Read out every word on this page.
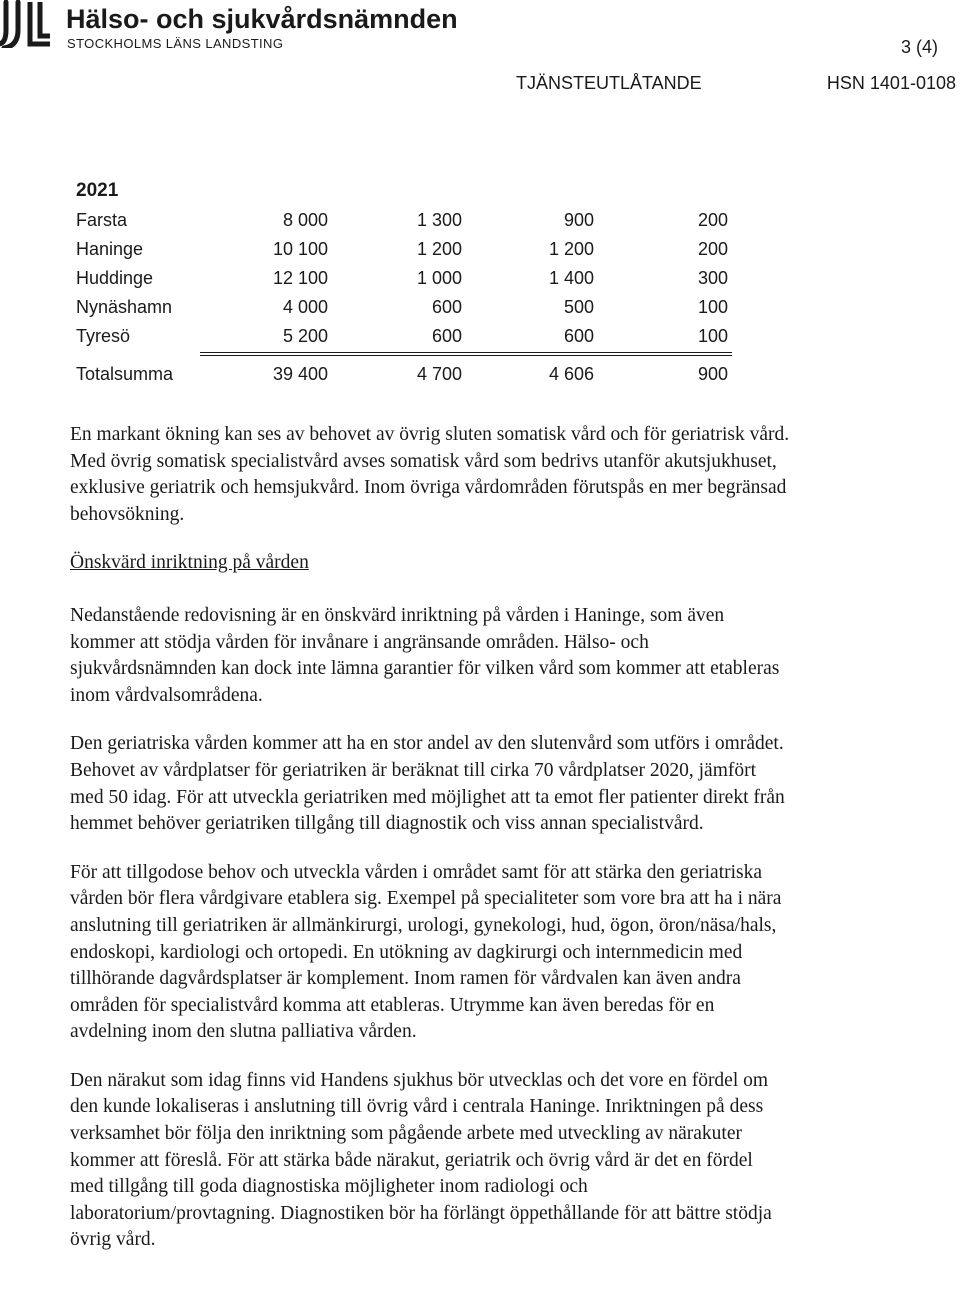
Hälso- och sjukvårdsnämnden
STOCKHOLMS LÄNS LANDSTING	3 (4)
TJÄNSTEUTLÅTANDE	HSN 1401-0108
2021
Farsta	8 000	1 300	900	200
Haninge	10 100	1 200	1 200	200
Huddinge	12 100	1 000	1 400	300
Nynäshamn	4 000	600	500	100
Tyresö	5 200	600	600	100
Totalsumma	39 400	4 700	4 606	900

En markant ökning kan ses av behovet av övrig sluten somatisk vård och för geriatrisk vård. Med övrig somatisk specialistvård avses somatisk vård som bedrivs utanför akutsjukhuset, exklusive geriatrik och hemsjukvård. Inom övriga vårdområden förutspås en mer begränsad behovsökning.

Önskvärd inriktning på vården

Nedanstående redovisning är en önskvärd inriktning på vården i Haninge, som även kommer att stödja vården för invånare i angränsande områden. Hälso- och sjukvårdsnämnden kan dock inte lämna garantier för vilken vård som kommer att etableras inom vårdvalsområdena.

Den geriatriska vården kommer att ha en stor andel av den slutenvård som utförs i området. Behovet av vårdplatser för geriatriken är beräknat till cirka 70 vårdplatser 2020, jämfört med 50 idag. För att utveckla geriatriken med möjlighet att ta emot fler patienter direkt från hemmet behöver geriatriken tillgång till diagnostik och viss annan specialistvård.

För att tillgodose behov och utveckla vården i området samt för att stärka den geriatriska vården bör flera vårdgivare etablera sig. Exempel på specialiteter som vore bra att ha i nära anslutning till geriatriken är allmänkirurgi, urologi, gynekologi, hud, ögon, öron/näsa/hals, endoskopi, kardiologi och ortopedi. En utökning av dagkirurgi och internmedicin med tillhörande dagvårdsplatser är komplement. Inom ramen för vårdvalen kan även andra områden för specialistvård komma att etableras. Utrymme kan även beredas för en avdelning inom den slutna palliativa vården.

Den närakut som idag finns vid Handens sjukhus bör utvecklas och det vore en fördel om den kunde lokaliseras i anslutning till övrig vård i centrala Haninge. Inriktningen på dess verksamhet bör följa den inriktning som pågående arbete med utveckling av närakuter kommer att föreslå. För att stärka både närakut, geriatrik och övrig vård är det en fördel med tillgång till goda diagnostiska möjligheter inom radiologi och laboratorium/provtagning. Diagnostiken bör ha förlängt öppethållande för att bättre stödja övrig vård.
